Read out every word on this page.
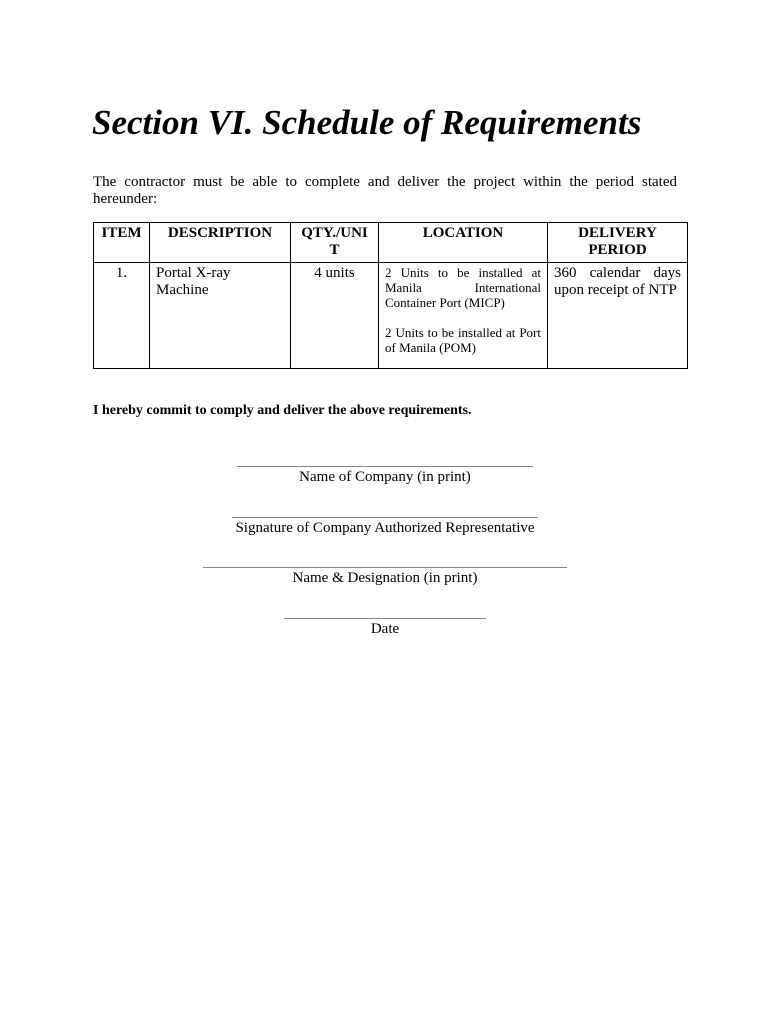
Section VI. Schedule of Requirements

The contractor must be able to complete and deliver the project within the period stated hereunder:

ITEM	DESCRIPTION	QTY./UNIT	LOCATION	DELIVERY PERIOD
1.	Portal X-ray Machine	4 units	2 Units to be installed at Manila International Container Port (MICP)
2 Units to be installed at Port of Manila (POM)	360 calendar days upon receipt of NTP

I hereby commit to comply and deliver the above requirements.

Name of Company (in print)
Signature of Company Authorized Representative
Name & Designation (in print)
Date
